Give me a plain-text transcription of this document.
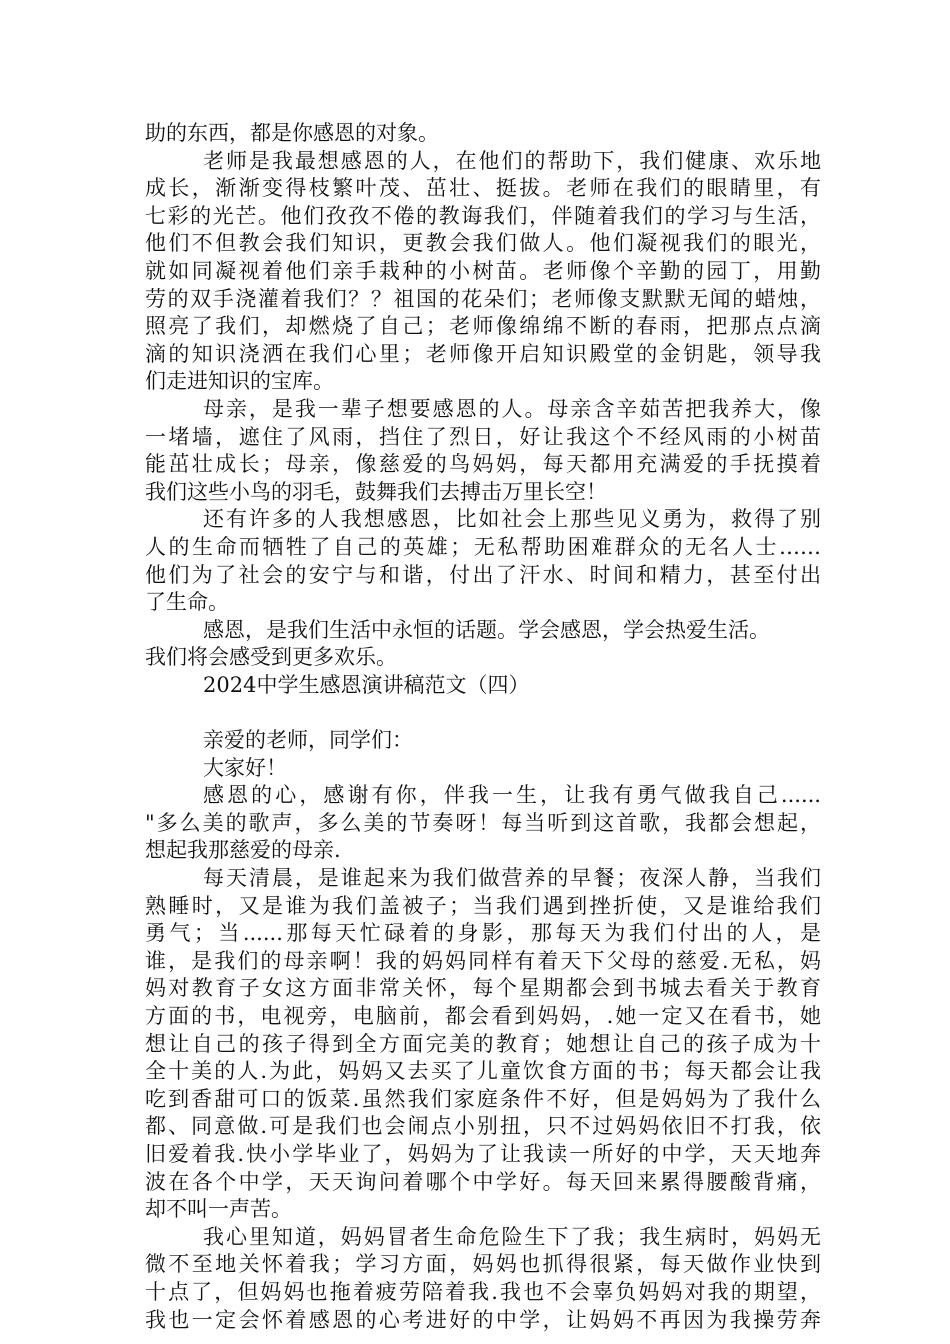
助的东西，都是你感恩的对象。
老师是我最想感恩的人，在他们的帮助下，我们健康、欢乐地
成长，渐渐变得枝繁叶茂、茁壮、挺拔。老师在我们的眼睛里，有
七彩的光芒。他们孜孜不倦的教诲我们，伴随着我们的学习与生活，
他们不但教会我们知识，更教会我们做人。他们凝视我们的眼光，
就如同凝视着他们亲手栽种的小树苗。老师像个辛勤的园丁，用勤
劳的双手浇灌着我们？？祖国的花朵们；老师像支默默无闻的蜡烛，
照亮了我们，却燃烧了自己；老师像绵绵不断的春雨，把那点点滴
滴的知识浇洒在我们心里；老师像开启知识殿堂的金钥匙，领导我
们走进知识的宝库。
母亲，是我一辈子想要感恩的人。母亲含辛茹苦把我养大，像
一堵墙，遮住了风雨，挡住了烈日，好让我这个不经风雨的小树苗
能茁壮成长；母亲，像慈爱的鸟妈妈，每天都用充满爱的手抚摸着
我们这些小鸟的羽毛，鼓舞我们去搏击万里长空！
还有许多的人我想感恩，比如社会上那些见义勇为，救得了别
人的生命而牺牲了自己的英雄；无私帮助困难群众的无名人士……
他们为了社会的安宁与和谐，付出了汗水、时间和精力，甚至付出
了生命。
感恩，是我们生活中永恒的话题。学会感恩，学会热爱生活。
我们将会感受到更多欢乐。
2024中学生感恩演讲稿范文（四）
亲爱的老师，同学们：
大家好！
感恩的心，感谢有你，伴我一生，让我有勇气做我自己......
"多么美的歌声，多么美的节奏呀！每当听到这首歌，我都会想起，
想起我那慈爱的母亲.
每天清晨，是谁起来为我们做营养的早餐；夜深人静，当我们
熟睡时，又是谁为我们盖被子；当我们遇到挫折使，又是谁给我们
勇气；当......那每天忙碌着的身影，那每天为我们付出的人，是
谁，是我们的母亲啊！我的妈妈同样有着天下父母的慈爱.无私，妈
妈对教育子女这方面非常关怀，每个星期都会到书城去看关于教育
方面的书，电视旁，电脑前，都会看到妈妈，.她一定又在看书，她
想让自己的孩子得到全方面完美的教育；她想让自己的孩子成为十
全十美的人.为此，妈妈又去买了儿童饮食方面的书；每天都会让我
吃到香甜可口的饭菜.虽然我们家庭条件不好，但是妈妈为了我什么
都、同意做.可是我们也会闹点小别扭，只不过妈妈依旧不打我，依
旧爱着我.快小学毕业了，妈妈为了让我读一所好的中学，天天地奔
波在各个中学，天天询问着哪个中学好。每天回来累得腰酸背痛，
却不叫一声苦。
我心里知道，妈妈冒者生命危险生下了我；我生病时，妈妈无
微不至地关怀着我；学习方面，妈妈也抓得很紧，每天做作业快到
十点了，但妈妈也拖着疲劳陪着我.我也不会辜负妈妈对我的期望，
我也一定会怀着感恩的心考进好的中学，让妈妈不再因为我操劳奔
